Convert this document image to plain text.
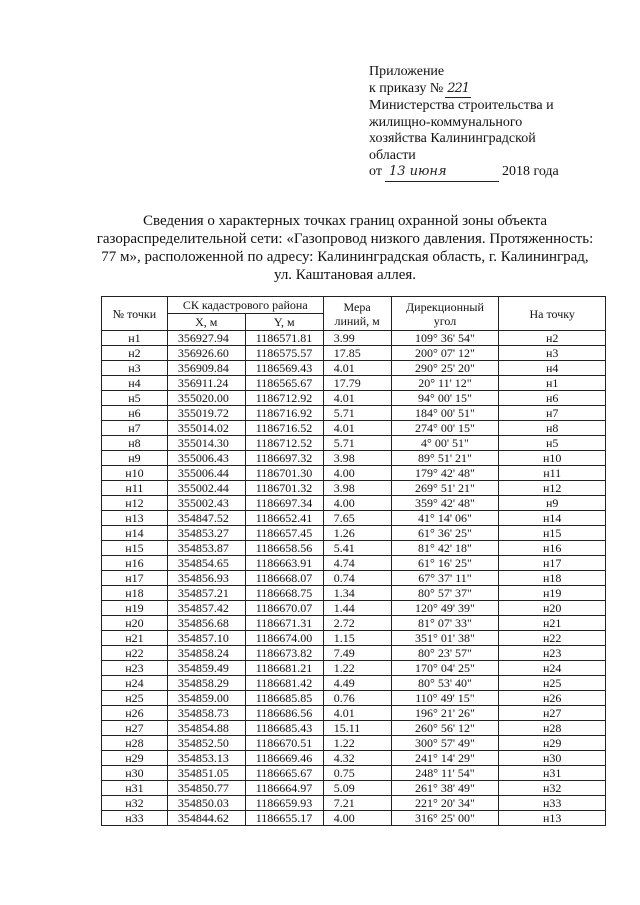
Приложение
к приказу № 221
Министерства строительства и
жилищно-коммунального
хозяйства Калининградской
области
от 13 июня	2018 года
Сведения о характерных точках границ охранной зоны объекта
газораспределительной сети: «Газопровод низкого давления. Протяженность:
77 м», расположенной по адресу: Калининградская область, г. Калининград,
ул. Каштановая аллея.
№ точки	СК кадастрового района		Мера линий, м	Дирекционный угол	На точку
	X, м	Y, м			
н1	356927.94	1186571.81	3.99	109° 36' 54"	н2
н2	356926.60	1186575.57	17.85	200° 07' 12"	н3
н3	356909.84	1186569.43	4.01	290° 25' 20"	н4
н4	356911.24	1186565.67	17.79	20° 11' 12"	н1
н5	355020.00	1186712.92	4.01	94° 00' 15"	н6
н6	355019.72	1186716.92	5.71	184° 00' 51"	н7
н7	355014.02	1186716.52	4.01	274° 00' 15"	н8
н8	355014.30	1186712.52	5.71	4° 00' 51"	н5
н9	355006.43	1186697.32	3.98	89° 51' 21"	н10
н10	355006.44	1186701.30	4.00	179° 42' 48"	н11
н11	355002.44	1186701.32	3.98	269° 51' 21"	н12
н12	355002.43	1186697.34	4.00	359° 42' 48"	н9
н13	354847.52	1186652.41	7.65	41° 14' 06"	н14
н14	354853.27	1186657.45	1.26	61° 36' 25"	н15
н15	354853.87	1186658.56	5.41	81° 42' 18"	н16
н16	354854.65	1186663.91	4.74	61° 16' 25"	н17
н17	354856.93	1186668.07	0.74	67° 37' 11"	н18
н18	354857.21	1186668.75	1.34	80° 57' 37"	н19
н19	354857.42	1186670.07	1.44	120° 49' 39"	н20
н20	354856.68	1186671.31	2.72	81° 07' 33"	н21
н21	354857.10	1186674.00	1.15	351° 01' 38"	н22
н22	354858.24	1186673.82	7.49	80° 23' 57"	н23
н23	354859.49	1186681.21	1.22	170° 04' 25"	н24
н24	354858.29	1186681.42	4.49	80° 53' 40"	н25
н25	354859.00	1186685.85	0.76	110° 49' 15"	н26
н26	354858.73	1186686.56	4.01	196° 21' 26"	н27
н27	354854.88	1186685.43	15.11	260° 56' 12"	н28
н28	354852.50	1186670.51	1.22	300° 57' 49"	н29
н29	354853.13	1186669.46	4.32	241° 14' 29"	н30
н30	354851.05	1186665.67	0.75	248° 11' 54"	н31
н31	354850.77	1186664.97	5.09	261° 38' 49"	н32
н32	354850.03	1186659.93	7.21	221° 20' 34"	н33
н33	354844.62	1186655.17	4.00	316° 25' 00"	н13
